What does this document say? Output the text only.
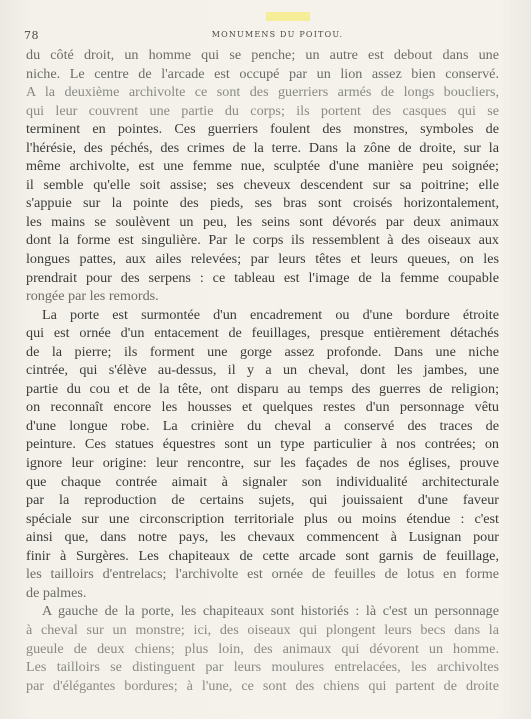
78	MONUMENS DU POITOU.
du côté droit, un homme qui se penche; un autre est debout dans une
niche. Le centre de l'arcade est occupé par un lion assez bien conservé.
A la deuxième archivolte ce sont des guerriers armés de longs boucliers,
qui leur couvrent une partie du corps; ils portent des casques qui se
terminent en pointes. Ces guerriers foulent des monstres, symboles de
l'hérésie, des péchés, des crimes de la terre. Dans la zône de droite, sur la
même archivolte, est une femme nue, sculptée d'une manière peu soignée;
il semble qu'elle soit assise; ses cheveux descendent sur sa poitrine; elle
s'appuie sur la pointe des pieds, ses bras sont croisés horizontalement,
les mains se soulèvent un peu, les seins sont dévorés par deux animaux
dont la forme est singulière. Par le corps ils ressemblent à des oiseaux aux
longues pattes, aux ailes relevées; par leurs têtes et leurs queues, on les
prendrait pour des serpens : ce tableau est l'image de la femme coupable
rongée par les remords.
La porte est surmontée d'un encadrement ou d'une bordure étroite
qui est ornée d'un entacement de feuillages, presque entièrement détachés
de la pierre; ils forment une gorge assez profonde. Dans une niche
cintrée, qui s'élève au-dessus, il y a un cheval, dont les jambes, une
partie du cou et de la tête, ont disparu au temps des guerres de religion;
on reconnaît encore les housses et quelques restes d'un personnage vêtu
d'une longue robe. La crinière du cheval a conservé des traces de
peinture. Ces statues équestres sont un type particulier à nos contrées; on
ignore leur origine: leur rencontre, sur les façades de nos églises, prouve
que chaque contrée aimait à signaler son individualité architecturale
par la reproduction de certains sujets, qui jouissaient d'une faveur
spéciale sur une circonscription territoriale plus ou moins étendue : c'est
ainsi que, dans notre pays, les chevaux commencent à Lusignan pour
finir à Surgères. Les chapiteaux de cette arcade sont garnis de feuillage,
les tailloirs d'entrelacs; l'archivolte est ornée de feuilles de lotus en forme
de palmes.
A gauche de la porte, les chapiteaux sont historiés : là c'est un personnage
à cheval sur un monstre; ici, des oiseaux qui plongent leurs becs dans la
gueule de deux chiens; plus loin, des animaux qui dévorent un homme.
Les tailloirs se distinguent par leurs moulures entrelacées, les archivoltes
par d'élégantes bordures; à l'une, ce sont des chiens qui partent de droite
